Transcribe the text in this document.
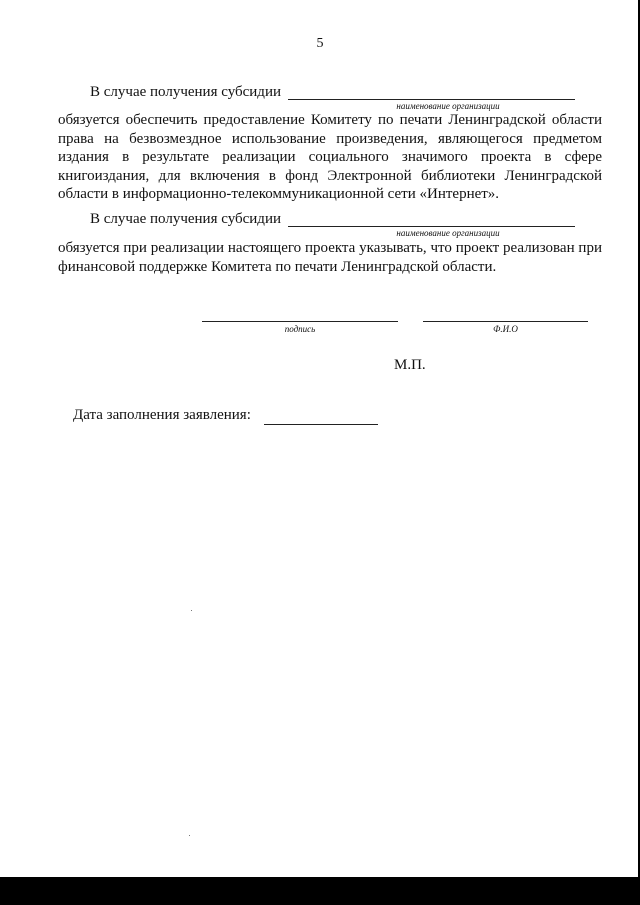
5
В случае получения субсидии
наименование организации
обязуется обеспечить предоставление Комитету по печати Ленинградской области права на безвозмездное использование произведения, являющегося предметом издания в результате реализации социального значимого проекта в сфере книгоиздания, для включения в фонд Электронной библиотеки Ленинградской области в информационно-телекоммуникационной сети «Интернет».
В случае получения субсидии
наименование организации
обязуется при реализации настоящего проекта указывать, что проект реализован при финансовой поддержке Комитета по печати Ленинградской области.
подпись	Ф.И.О
М.П.
Дата заполнения заявления:
